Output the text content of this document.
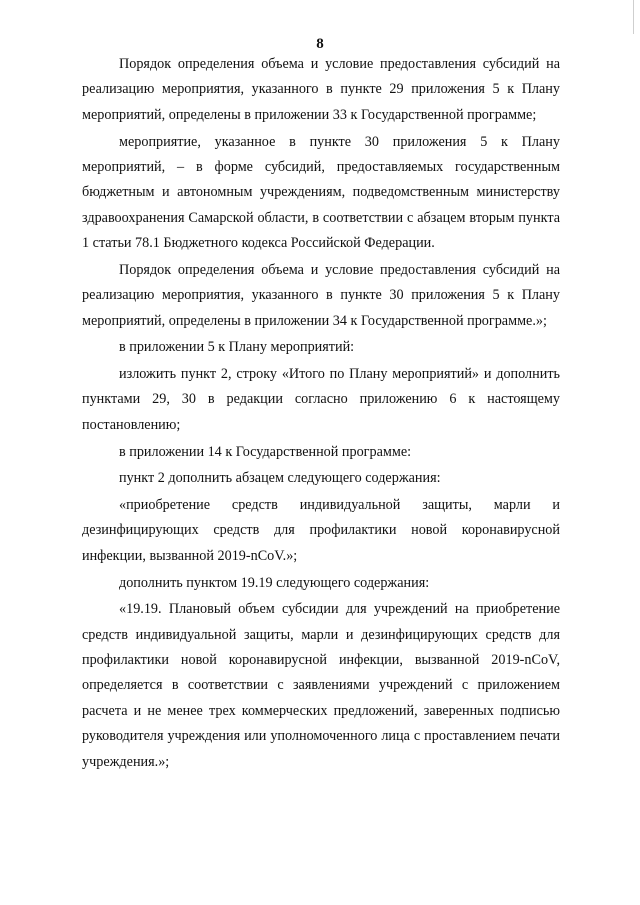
8

Порядок определения объема и условие предоставления субсидий на реализацию мероприятия, указанного в пункте 29 приложения 5 к Плану мероприятий, определены в приложении 33 к Государственной программе;

мероприятие, указанное в пункте 30 приложения 5 к Плану мероприятий, – в форме субсидий, предоставляемых государственным бюджетным и автономным учреждениям, подведомственным министерству здравоохранения Самарской области, в соответствии с абзацем вторым пункта 1 статьи 78.1 Бюджетного кодекса Российской Федерации.

Порядок определения объема и условие предоставления субсидий на реализацию мероприятия, указанного в пункте 30 приложения 5 к Плану мероприятий, определены в приложении 34 к Государственной программе.»;

в приложении 5 к Плану мероприятий:

изложить пункт 2, строку «Итого по Плану мероприятий» и дополнить пунктами 29, 30 в редакции согласно приложению 6 к настоящему постановлению;

в приложении 14 к Государственной программе:

пункт 2 дополнить абзацем следующего содержания:

«приобретение средств индивидуальной защиты, марли и дезинфицирующих средств для профилактики новой коронавирусной инфекции, вызванной 2019-nCoV.»;

дополнить пунктом 19.19 следующего содержания:

«19.19. Плановый объем субсидии для учреждений на приобретение средств индивидуальной защиты, марли и дезинфицирующих средств для профилактики новой коронавирусной инфекции, вызванной 2019-nCoV, определяется в соответствии с заявлениями учреждений с приложением расчета и не менее трех коммерческих предложений, заверенных подписью руководителя учреждения или уполномоченного лица с проставлением печати учреждения.»;
